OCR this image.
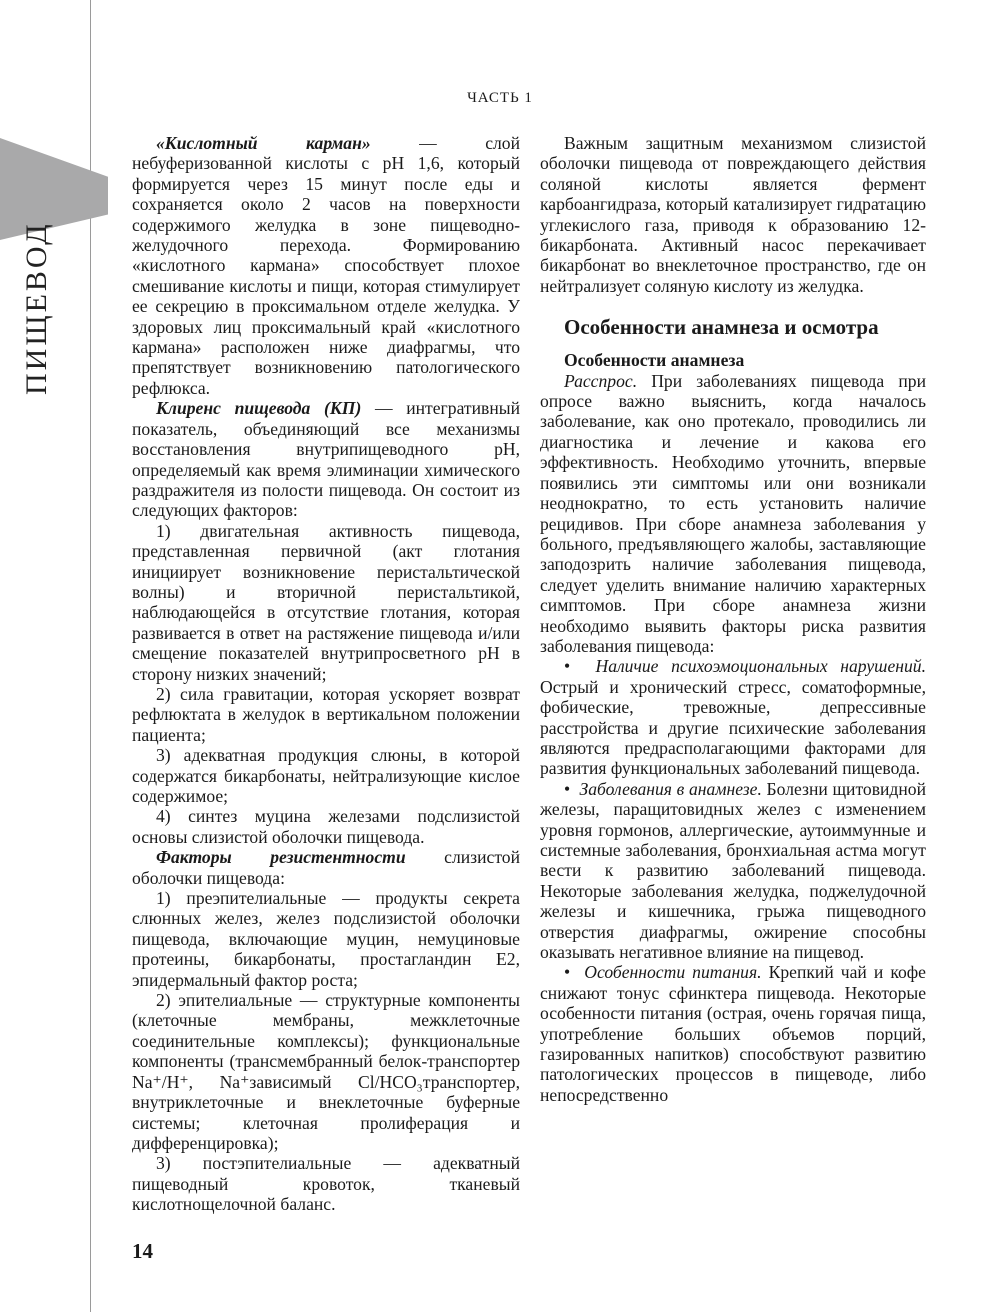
ПИЩЕВОД
ЧАСТЬ 1

«Кислотный карман» — слой небуферизованной кислоты с pH 1,6, который формируется через 15 минут после еды и сохраняется около 2 часов на поверхности содержимого желудка в зоне пищеводно-желудочного перехода. Формированию «кислотного кармана» способствует плохое смешивание кислоты и пищи, которая стимулирует ее секрецию в проксимальном отделе желудка. У здоровых лиц проксимальный край «кислотного кармана» расположен ниже диафрагмы, что препятствует возникновению патологического рефлюкса.

Клиренс пищевода (КП) — интегративный показатель, объединяющий все механизмы восстановления внутрипищеводного pH, определяемый как время элиминации химического раздражителя из полости пищевода. Он состоит из следующих факторов:

1) двигательная активность пищевода, представленная первичной (акт глотания инициирует возникновение перистальтической волны) и вторичной перистальтикой, наблюдающейся в отсутствие глотания, которая развивается в ответ на растяжение пищевода и/или смещение показателей внутрипросветного pH в сторону низких значений;

2) сила гравитации, которая ускоряет возврат рефлюктата в желудок в вертикальном положении пациента;

3) адекватная продукция слюны, в которой содержатся бикарбонаты, нейтрализующие кислое содержимое;

4) синтез муцина железами подслизистой основы слизистой оболочки пищевода.

Факторы резистентности слизистой оболочки пищевода:

1) преэпителиальные — продукты секрета слюнных желез, желез подслизистой оболочки пищевода, включающие муцин, немуциновые протеины, бикарбонаты, простагландин Е2, эпидермальный фактор роста;

2) эпителиальные — структурные компоненты (клеточные мембраны, межклеточные соединительные комплексы); функциональные компоненты (трансмембранный белок-транспортер Na⁺/H⁺, Na⁺зависимый Cl/HCO₃транспортер, внутриклеточные и внеклеточные буферные системы; клеточная пролиферация и дифференцировка);

3) постэпителиальные — адекватный пищеводный кровоток, тканевый кислотнощелочной баланс.

14

Важным защитным механизмом слизистой оболочки пищевода от повреждающего действия соляной кислоты является фермент карбоангидраза, который катализирует гидратацию углекислого газа, приводя к образованию 12-бикарбоната. Активный насос перекачивает бикарбонат во внеклеточное пространство, где он нейтрализует соляную кислоту из желудка.

Особенности анамнеза и осмотра
Особенности анамнеза

Расспрос. При заболеваниях пищевода при опросе важно выяснить, когда началось заболевание, как оно протекало, проводились ли диагностика и лечение и какова его эффективность. Необходимо уточнить, впервые появились эти симптомы или они возникали неоднократно, то есть установить наличие рецидивов. При сборе анамнеза заболевания у больного, предъявляющего жалобы, заставляющие заподозрить наличие заболевания пищевода, следует уделить внимание наличию характерных симптомов. При сборе анамнеза жизни необходимо выявить факторы риска развития заболевания пищевода:

• Наличие психоэмоциональных нарушений. Острый и хронический стресс, соматоформные, фобические, тревожные, депрессивные расстройства и другие психические заболевания являются предрасполагающими факторами для развития функциональных заболеваний пищевода.

• Заболевания в анамнезе. Болезни щитовидной железы, паращитовидных желез с изменением уровня гормонов, аллергические, аутоиммунные и системные заболевания, бронхиальная астма могут вести к развитию заболеваний пищевода. Некоторые заболевания желудка, поджелудочной железы и кишечника, грыжа пищеводного отверстия диафрагмы, ожирение способны оказывать негативное влияние на пищевод.

• Особенности питания. Крепкий чай и кофе снижают тонус сфинктера пищевода. Некоторые особенности питания (острая, очень горячая пища, употребление больших объемов порций, газированных напитков) способствуют развитию патологических процессов в пищеводе, либо непосредственно
